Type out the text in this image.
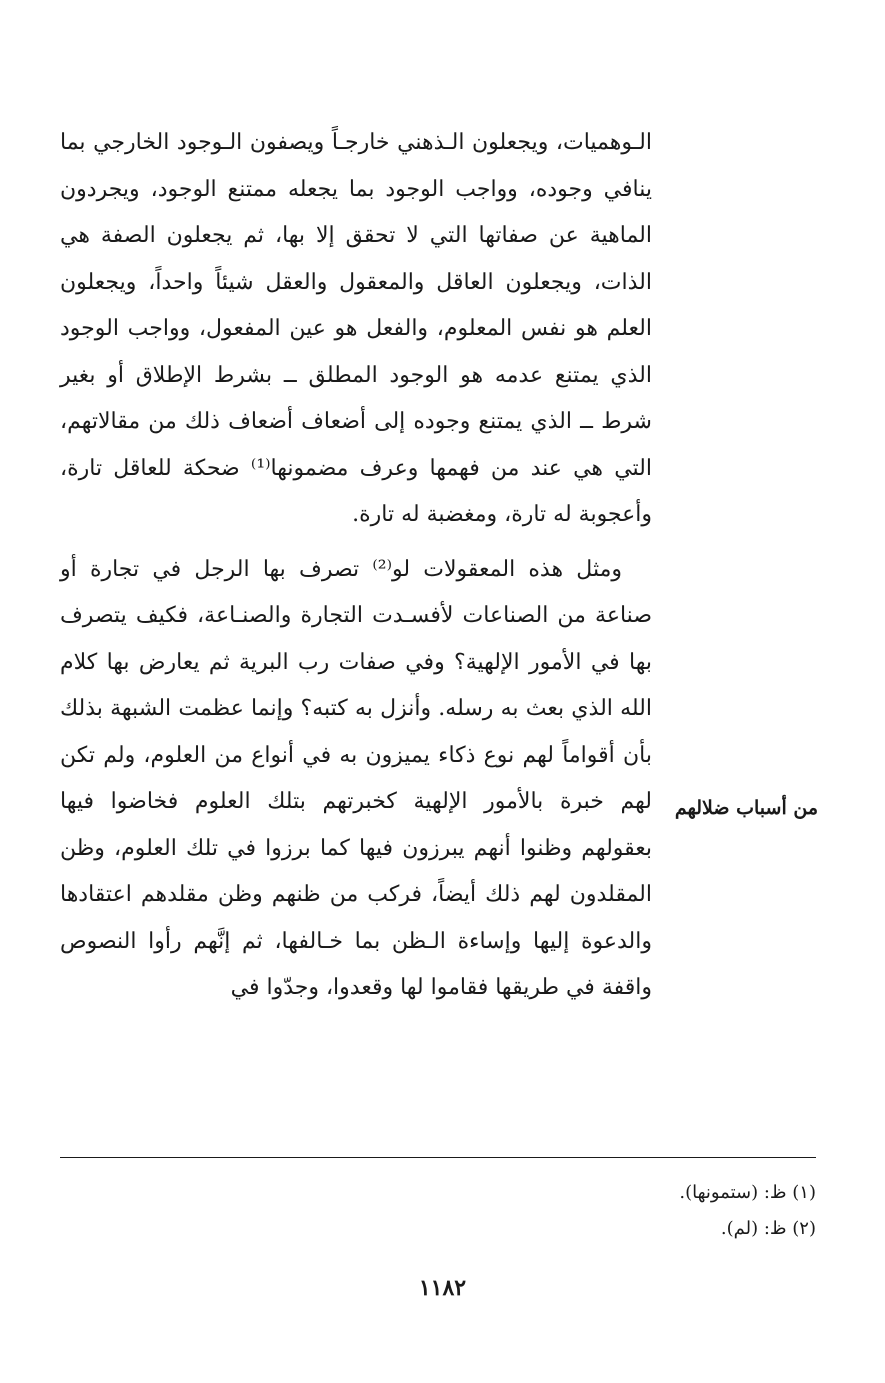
الـوهميات، ويجعلون الـذهني خارجـاً ويصفون الـوجود الخارجي بما ينافي وجوده، وواجب الوجود بما يجعله ممتنع الوجود، ويجردون الماهية عن صفاتها التي لا تحقق إلا بها، ثم يجعلون الصفة هي الذات، ويجعلون العاقل والمعقول والعقل شيئاً واحداً، ويجعلون العلم هو نفس المعلوم، والفعل هو عين المفعول، وواجب الوجود الذي يمتنع عدمه هو الوجود المطلق ــ بشرط الإطلاق أو بغير شرط ــ الذي يمتنع وجوده إلى أضعاف أضعاف ذلك من مقالاتهم، التي هي عند من فهمها وعرف مضمونها⁽¹⁾ ضحكة للعاقل تارة، وأعجوبة له تارة، ومغضبة له تارة.

ومثل هذه المعقولات لو⁽²⁾ تصرف بها الرجل في تجارة أو صناعة من الصناعات لأفسـدت التجارة والصنـاعة، فكيف يتصرف بها في الأمور الإلهية؟ وفي صفات رب البرية ثم يعارض بها كلام الله الذي بعث به رسله. وأنزل به كتبه؟ وإنما عظمت الشبهة بذلك بأن أقواماً لهم نوع ذكاء يميزون به في أنواع من العلوم، ولم تكن لهم خبرة بالأمور الإلهية كخبرتهم بتلك العلوم فخاضوا فيها بعقولهم وظنوا أنهم يبرزون فيها كما برزوا في تلك العلوم، وظن المقلدون لهم ذلك أيضاً، فركب من ظنهم وظن مقلدهم اعتقادها والدعوة إليها وإساءة الـظن بما خـالفها، ثم إنَّهم رأوا النصوص واقفة في طريقها فقاموا لها وقعدوا، وجدّوا في

من أسباب ضلالهم

(١) ظ: (ستمونها).

(٢) ظ: (لم).

١١٨٢
